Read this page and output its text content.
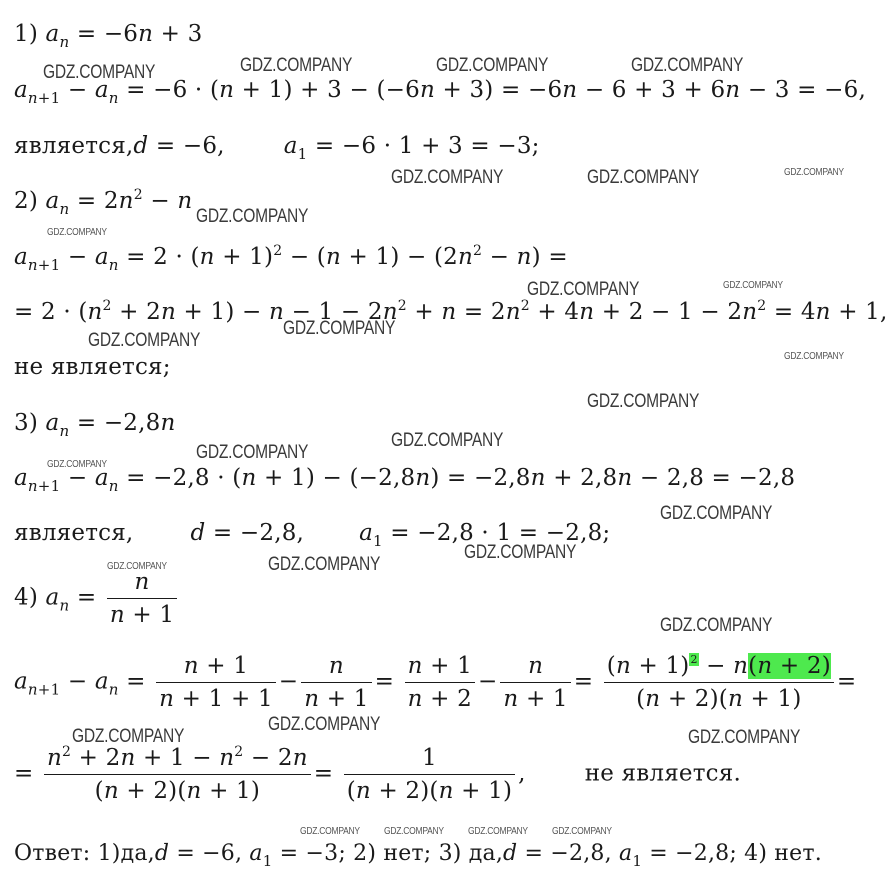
1) $a_n = -6n + 3$
$a_{n+1} - a_n = -6 \cdot (n + 1) + 3 - (-6n + 3) = -6n - 6 + 3 + 6n - 3 = -6$,
является,d = −6,	$a_1 = -6 \cdot 1 + 3 = -3$;
2) $a_n = 2n^2 - n$
$a_{n+1} - a_n = 2 \cdot (n + 1)^2 - (n + 1) - (2n^2 - n)$ =
= $2 \cdot (n^2 + 2n + 1) - n - 1 - 2n^2 + n = 2n^2 + 4n + 2 - 1 - 2n^2 = 4n + 1$,
не является;
3) $a_n = -2,8n$
$a_{n+1} - a_n = -2,8 \cdot (n + 1) - (-2,8n) = -2,8n + 2,8n - 2,8 = -2,8$
является, d = −2,8, $a_1 = -2,8 \cdot 1 = -2,8$;
4) $a_n = \frac{n}{n + 1}$
$a_{n+1} - a_n = \frac{n + 1}{n + 1 + 1} - \frac{n}{n + 1} = \frac{n + 1}{n + 2} - \frac{n}{n + 1} = \frac{(n + 1)^2 - n(n + 2)}{(n + 2)(n + 1)}$ =
= $\frac{n^2 + 2n + 1 - n^2 - 2n}{(n + 2)(n + 1)} = \frac{1}{(n + 2)(n + 1)}$ ,  не является.
Ответ: 1)да,d = −6, $a_1 = -3$; 2) нет; 3) да,d = −2,8, $a_1 = -2,8$; 4) нет.
GDZ.COMPANY	GDZ.COMPANY	GDZ.COMPANY	GDZ.COMPANY
GDZ.COMPANY	GDZ.COMPANY	GDZ.COMPANY
GDZ.COMPANY
GDZ.COMPANY
GDZ.COMPANY	GDZ.COMPANY
GDZ.COMPANY
GDZ.COMPANY
GDZ.COMPANY
GDZ.COMPANY
GDZ.COMPANY
GDZ.COMPANY
GDZ.COMPANY
GDZ.COMPANY
GDZ.COMPANY
GDZ.COMPANY
GDZ.COMPANY
GDZ.COMPANY
GDZ.COMPANY
GDZ.COMPANY	GDZ.COMPANY
GDZ.COMPANY GDZ.COMPANY GDZ.COMPANY GDZ.COMPANY
